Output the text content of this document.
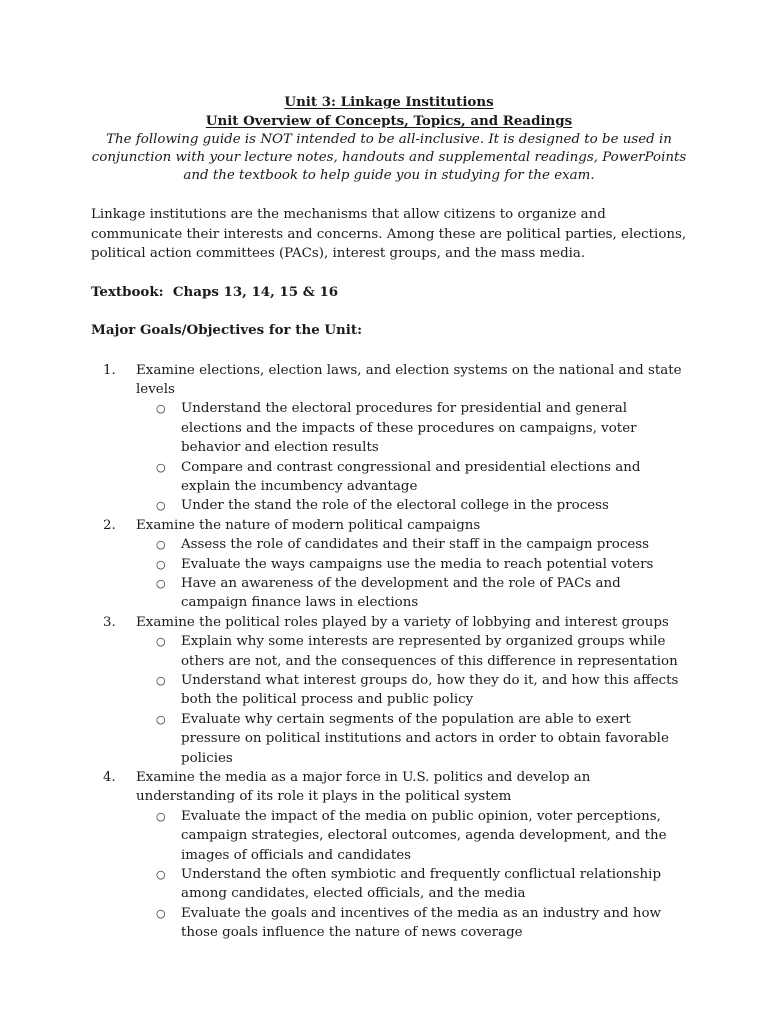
Unit 3: Linkage Institutions
Unit Overview of Concepts, Topics, and Readings
The following guide is NOT intended to be all-inclusive. It is designed to be used in conjunction with your lecture notes, handouts and supplemental readings, PowerPoints and the textbook to help guide you in studying for the exam.
Linkage institutions are the mechanisms that allow citizens to organize and communicate their interests and concerns. Among these are political parties, elections, political action committees (PACs), interest groups, and the mass media.
Textbook:  Chaps 13, 14, 15 & 16
Major Goals/Objectives for the Unit:
1. Examine elections, election laws, and election systems on the national and state levels
○ Understand the electoral procedures for presidential and general elections and the impacts of these procedures on campaigns, voter behavior and election results
○ Compare and contrast congressional and presidential elections and explain the incumbency advantage
○ Under the stand the role of the electoral college in the process
2. Examine the nature of modern political campaigns
○ Assess the role of candidates and their staff in the campaign process
○ Evaluate the ways campaigns use the media to reach potential voters
○ Have an awareness of the development and the role of PACs and campaign finance laws in elections
3. Examine the political roles played by a variety of lobbying and interest groups
○ Explain why some interests are represented by organized groups while others are not, and the consequences of this difference in representation
○ Understand what interest groups do, how they do it, and how this affects both the political process and public policy
○ Evaluate why certain segments of the population are able to exert pressure on political institutions and actors in order to obtain favorable policies
4. Examine the media as a major force in U.S. politics and develop an understanding of its role it plays in the political system
○ Evaluate the impact of the media on public opinion, voter perceptions, campaign strategies, electoral outcomes, agenda development, and the images of officials and candidates
○ Understand the often symbiotic and frequently conflictual relationship among candidates, elected officials, and the media
○ Evaluate the goals and incentives of the media as an industry and how those goals influence the nature of news coverage
